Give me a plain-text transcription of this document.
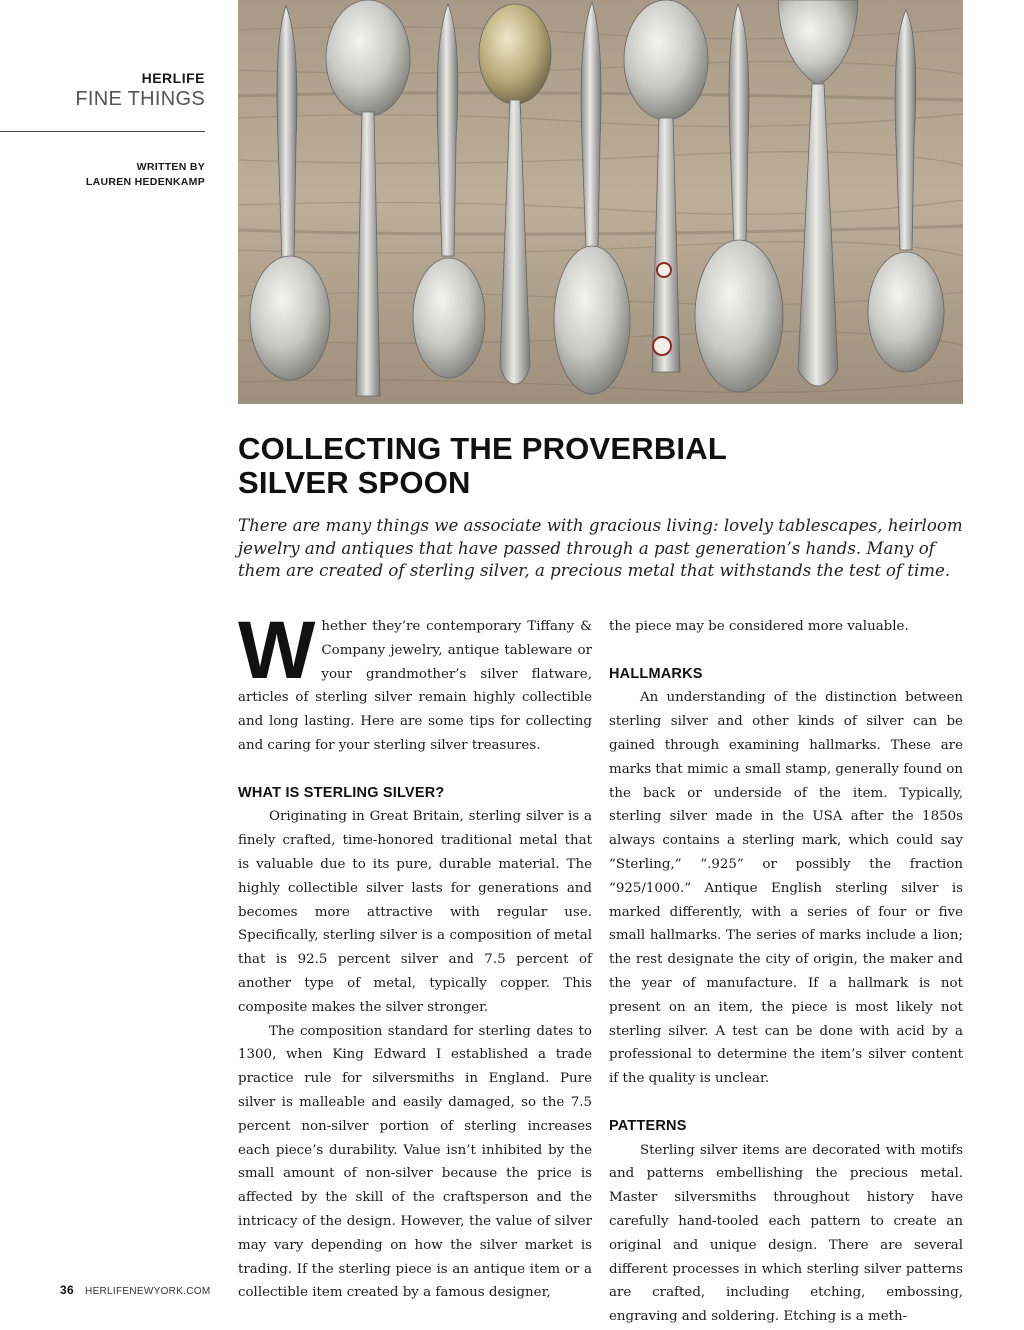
HERLIFE
FINE THINGS
WRITTEN BY
LAUREN HEDENKAMP
COLLECTING THE PROVERBIAL
SILVER SPOON

There are many things we associate with gracious living: lovely tablescapes, heirloom jewelry and antiques that have passed through a past generation’s hands. Many of them are created of sterling silver, a precious metal that withstands the test of time.

Whether they’re contemporary Tiffany & Company jewelry, antique tableware or your grandmother’s silver flatware, articles of sterling silver remain highly collectible and long lasting. Here are some tips for collecting and caring for your sterling silver treasures.

WHAT IS STERLING SILVER?

Originating in Great Britain, sterling silver is a finely crafted, time-honored traditional metal that is valuable due to its pure, durable material. The highly collectible silver lasts for generations and becomes more attractive with regular use. Specifically, sterling silver is a composition of metal that is 92.5 percent silver and 7.5 percent of another type of metal, typically copper. This composite makes the silver stronger.

The composition standard for sterling dates to 1300, when King Edward I established a trade practice rule for silversmiths in England. Pure silver is malleable and easily damaged, so the 7.5 percent non-silver portion of sterling increases each piece’s durability. Value isn’t inhibited by the small amount of non-silver because the price is affected by the skill of the craftsperson and the intricacy of the design. However, the value of silver may vary depending on how the silver market is trading. If the sterling piece is an antique item or a collectible item created by a famous designer,

the piece may be considered more valuable.

HALLMARKS

An understanding of the distinction between sterling silver and other kinds of silver can be gained through examining hallmarks. These are marks that mimic a small stamp, generally found on the back or underside of the item. Typically, sterling silver made in the USA after the 1850s always contains a sterling mark, which could say “Sterling,” “.925” or possibly the fraction “925/1000.” Antique English sterling silver is marked differently, with a series of four or five small hallmarks. The series of marks include a lion; the rest designate the city of origin, the maker and the year of manufacture. If a hallmark is not present on an item, the piece is most likely not sterling silver. A test can be done with acid by a professional to determine the item’s silver content if the quality is unclear.

PATTERNS

Sterling silver items are decorated with motifs and patterns embellishing the precious metal. Master silversmiths throughout history have carefully hand-tooled each pattern to create an original and unique design. There are several different processes in which sterling silver patterns are crafted, including etching, embossing, engraving and soldering. Etching is a meth-

36 HERLIFENEWYORK.COM
